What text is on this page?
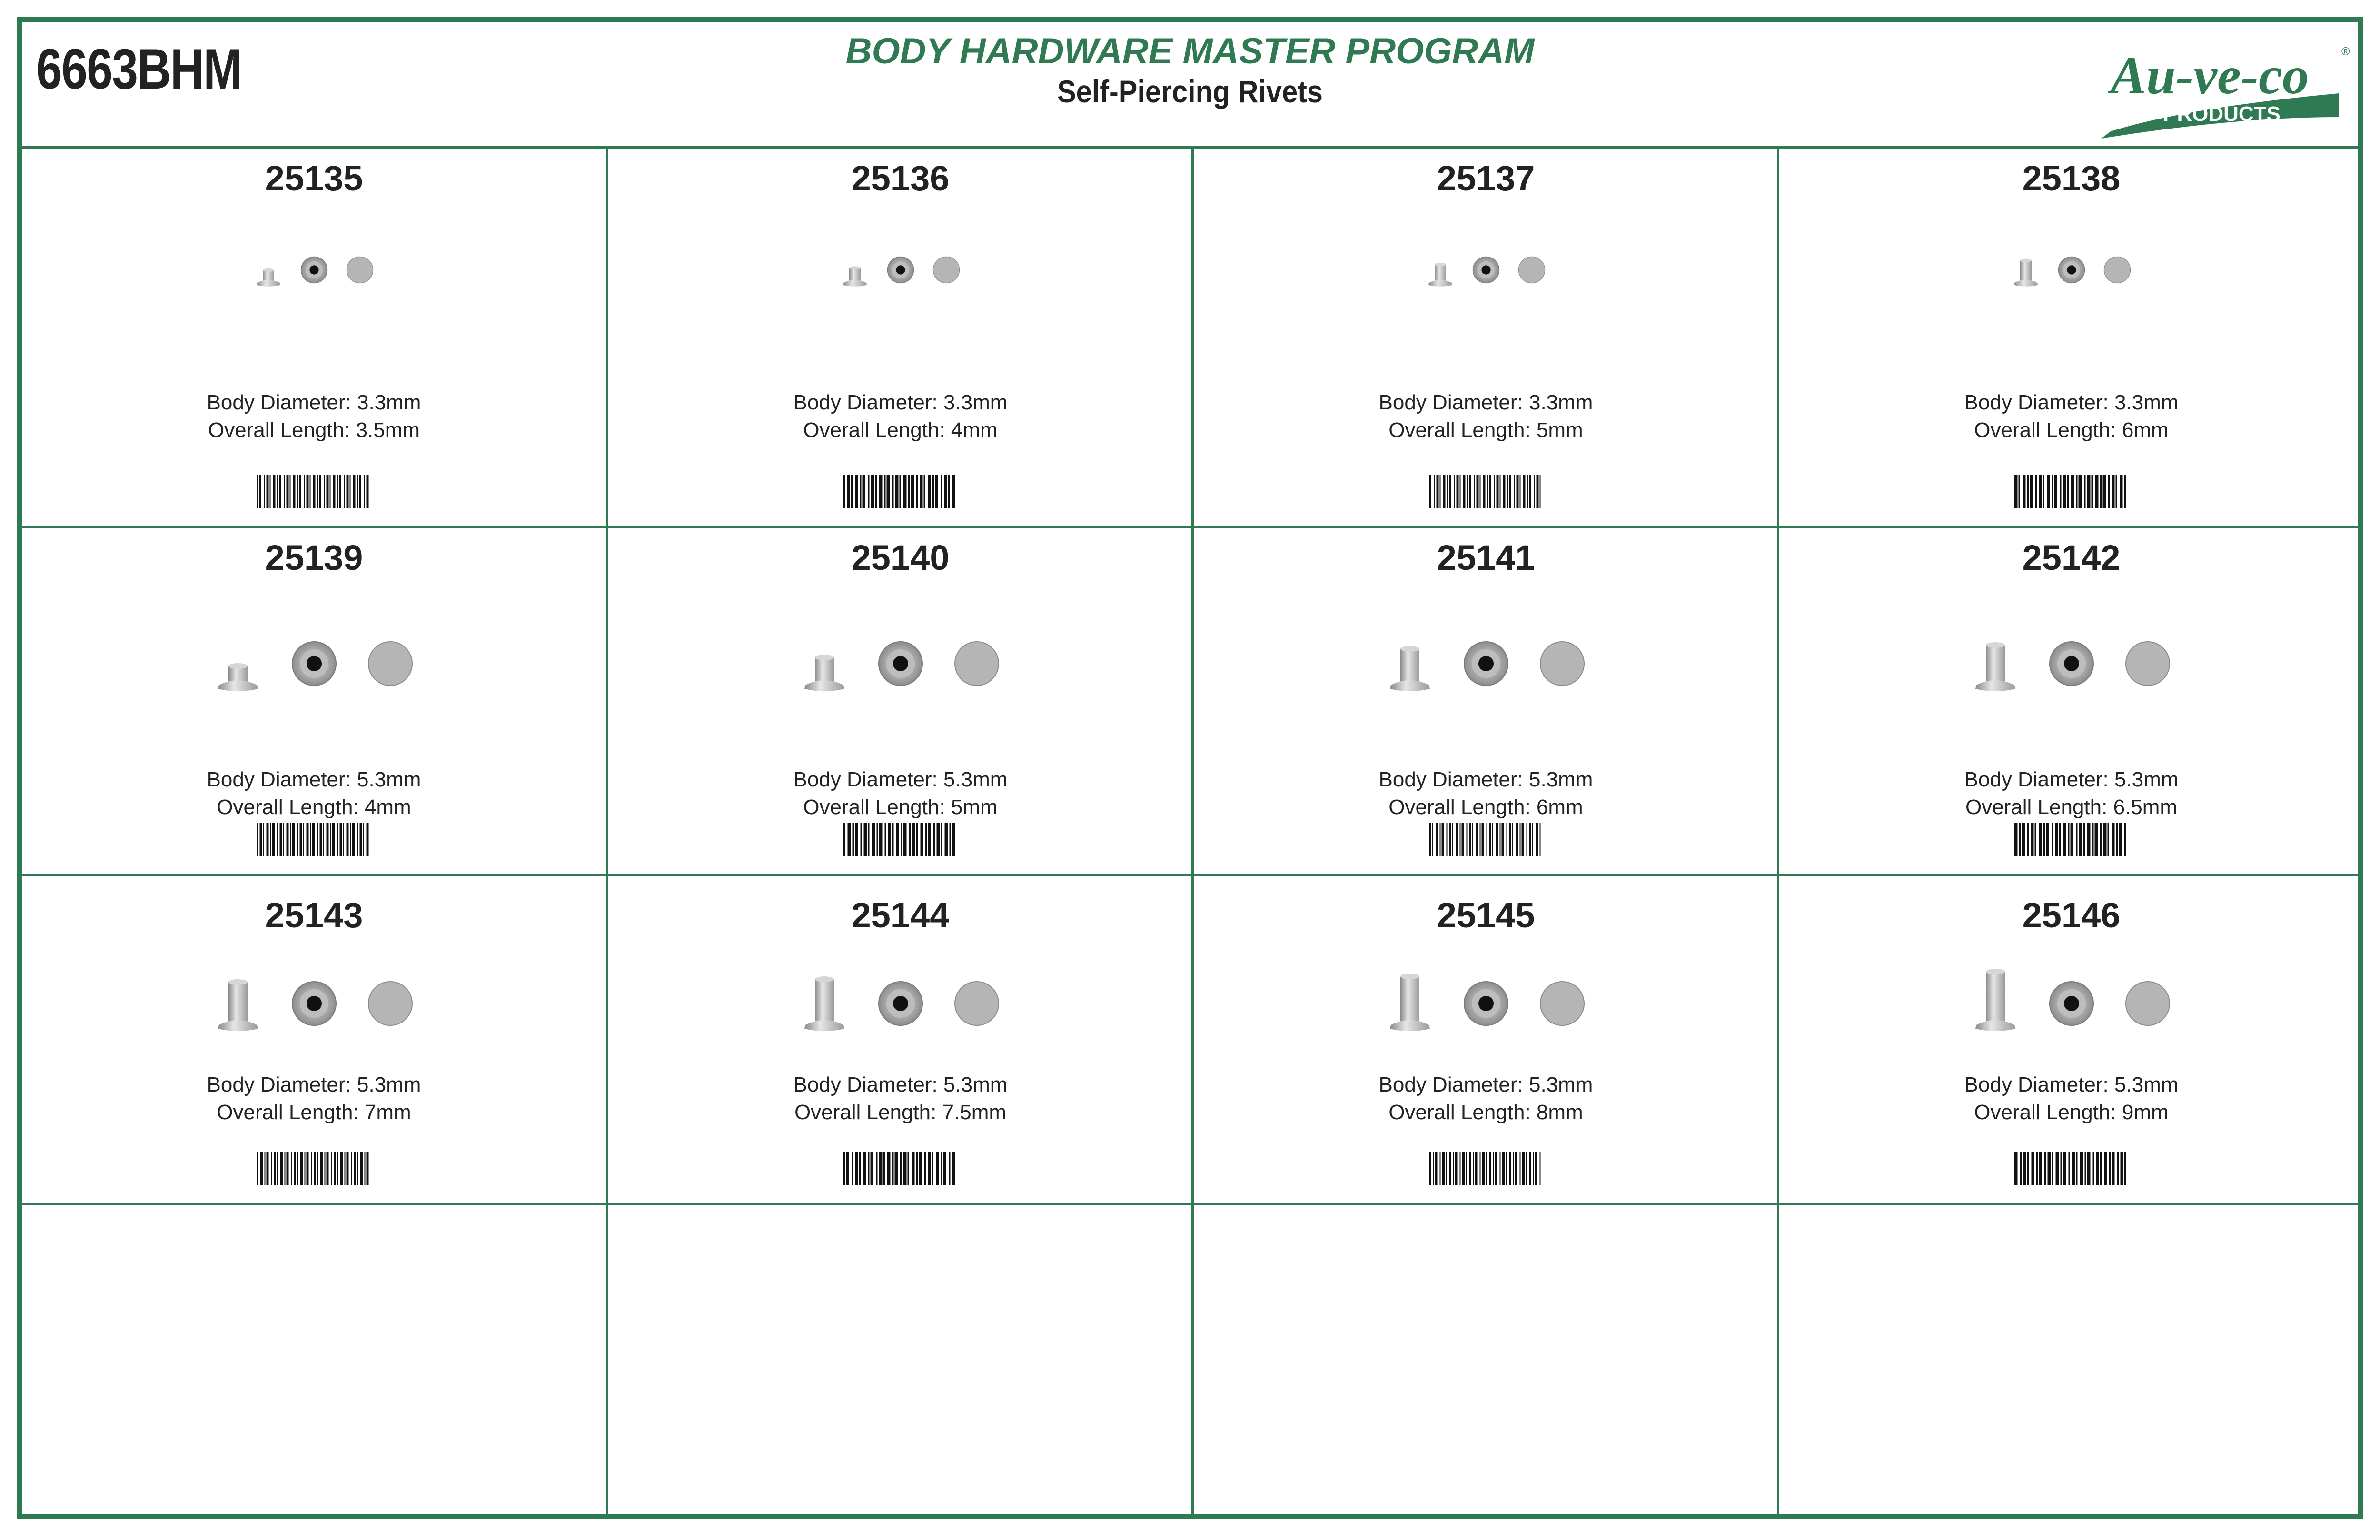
6663BHM	BODY HARDWARE MASTER PROGRAM
Self-Piercing Rivets	Au-ve-co	®
PRODUCTS
25135
Body Diameter: 3.3mm
Overall Length: 3.5mm
25136
Body Diameter: 3.3mm
Overall Length: 4mm
25137
Body Diameter: 3.3mm
Overall Length: 5mm
25138
Body Diameter: 3.3mm
Overall Length: 6mm
25139
Body Diameter: 5.3mm
Overall Length: 4mm
25140
Body Diameter: 5.3mm
Overall Length: 5mm
25141
Body Diameter: 5.3mm
Overall Length: 6mm
25142
Body Diameter: 5.3mm
Overall Length: 6.5mm
25143
Body Diameter: 5.3mm
Overall Length: 7mm
25144
Body Diameter: 5.3mm
Overall Length: 7.5mm
25145
Body Diameter: 5.3mm
Overall Length: 8mm
25146
Body Diameter: 5.3mm
Overall Length: 9mm
